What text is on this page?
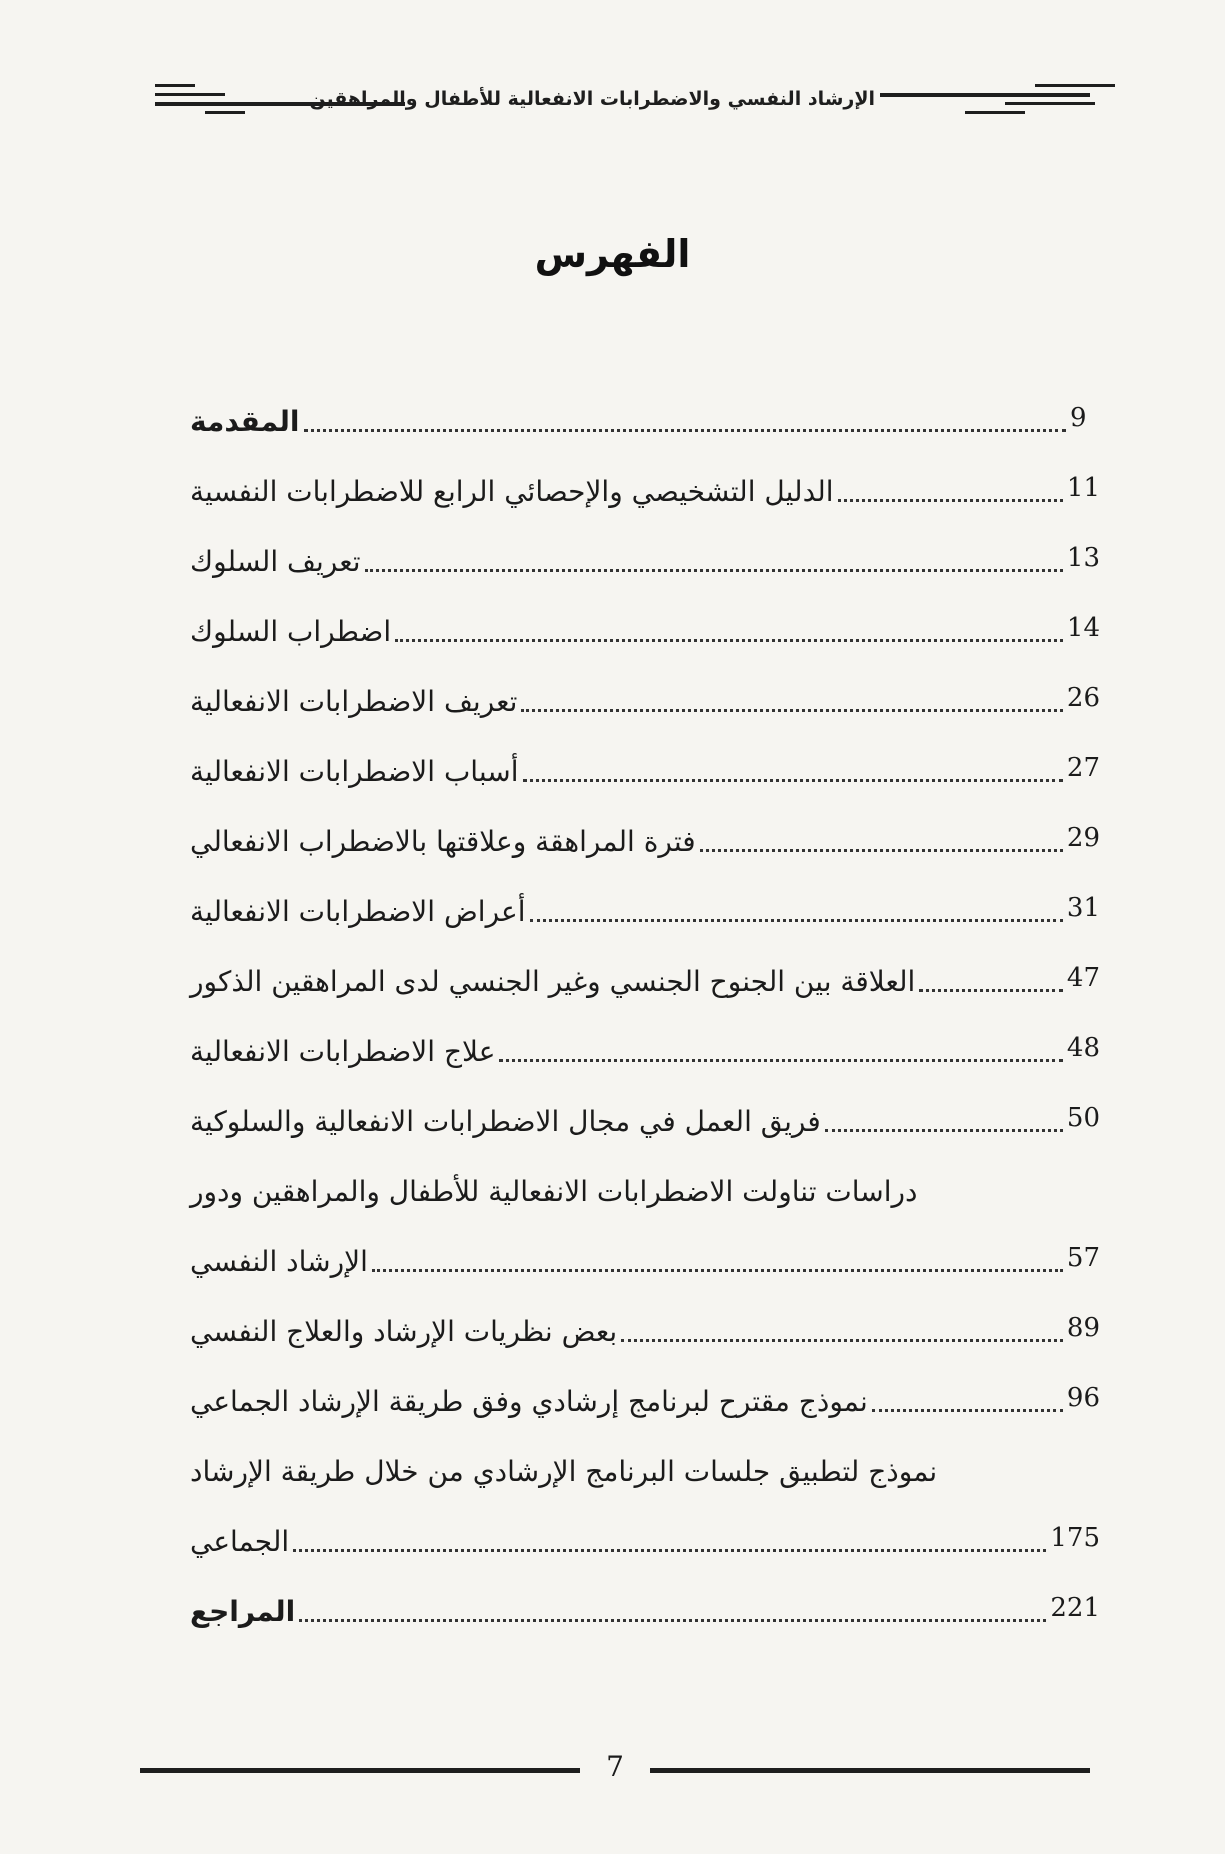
الإرشاد النفسي والاضطرابات الانفعالية للأطفال والمراهقين
الفهرس
المقدمة	9
الدليل التشخيصي والإحصائي الرابع للاضطرابات النفسية	11
تعريف السلوك	13
اضطراب السلوك	14
تعريف الاضطرابات الانفعالية	26
أسباب الاضطرابات الانفعالية	27
فترة المراهقة وعلاقتها بالاضطراب الانفعالي	29
أعراض الاضطرابات الانفعالية	31
العلاقة بين الجنوح الجنسي وغير الجنسي لدى المراهقين الذكور	47
علاج الاضطرابات الانفعالية	48
فريق العمل في مجال الاضطرابات الانفعالية والسلوكية	50
دراسات تناولت الاضطرابات الانفعالية للأطفال والمراهقين ودور
الإرشاد النفسي	57
بعض نظريات الإرشاد والعلاج النفسي	89
نموذج مقترح لبرنامج إرشادي وفق طريقة الإرشاد الجماعي	96
نموذج لتطبيق جلسات البرنامج الإرشادي من خلال طريقة الإرشاد
الجماعي	175
المراجع	221
7
